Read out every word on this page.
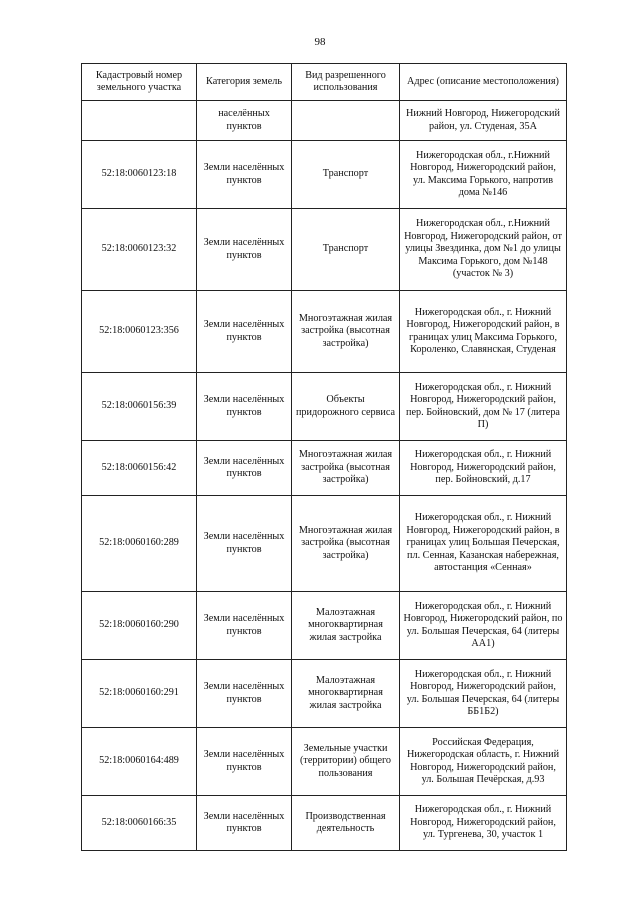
98
Кадастровый номер земельного участка	Категория земель	Вид разрешенного использования	Адрес (описание местоположения)
	населённых пунктов		Нижний Новгород, Нижегородский район, ул. Студеная, 35А
52:18:0060123:18	Земли населённых пунктов	Транспорт	Нижегородская обл., г.Нижний Новгород, Нижегородский район, ул. Максима Горького, напротив дома №146
52:18:0060123:32	Земли населённых пунктов	Транспорт	Нижегородская обл., г.Нижний Новгород, Нижегородский район, от улицы Звездинка, дом №1 до улицы Максима Горького, дом №148 (участок № 3)
52:18:0060123:356	Земли населённых пунктов	Многоэтажная жилая застройка (высотная застройка)	Нижегородская обл., г. Нижний Новгород, Нижегородский район, в границах улиц Максима Горького, Короленко, Славянская, Студеная
52:18:0060156:39	Земли населённых пунктов	Объекты придорожного сервиса	Нижегородская обл., г. Нижний Новгород, Нижегородский район, пер. Бойновский, дом № 17 (литера П)
52:18:0060156:42	Земли населённых пунктов	Многоэтажная жилая застройка (высотная застройка)	Нижегородская обл., г. Нижний Новгород, Нижегородский район, пер. Бойновский, д.17
52:18:0060160:289	Земли населённых пунктов	Многоэтажная жилая застройка (высотная застройка)	Нижегородская обл., г. Нижний Новгород, Нижегородский район, в границах улиц Большая Печерская, пл. Сенная, Казанская набережная, автостанция «Сенная»
52:18:0060160:290	Земли населённых пунктов	Малоэтажная многоквартирная жилая застройка	Нижегородская обл., г. Нижний Новгород, Нижегородский район, по ул. Большая Печерская, 64 (литеры АА1)
52:18:0060160:291	Земли населённых пунктов	Малоэтажная многоквартирная жилая застройка	Нижегородская обл., г. Нижний Новгород, Нижегородский район, ул. Большая Печерская, 64 (литеры ББ1Б2)
52:18:0060164:489	Земли населённых пунктов	Земельные участки (территории) общего пользования	Российская Федерация, Нижегородская область, г. Нижний Новгород, Нижегородский район, ул. Большая Печёрская, д.93
52:18:0060166:35	Земли населённых пунктов	Производственная деятельность	Нижегородская обл., г. Нижний Новгород, Нижегородский район, ул. Тургенева, 30, участок 1
